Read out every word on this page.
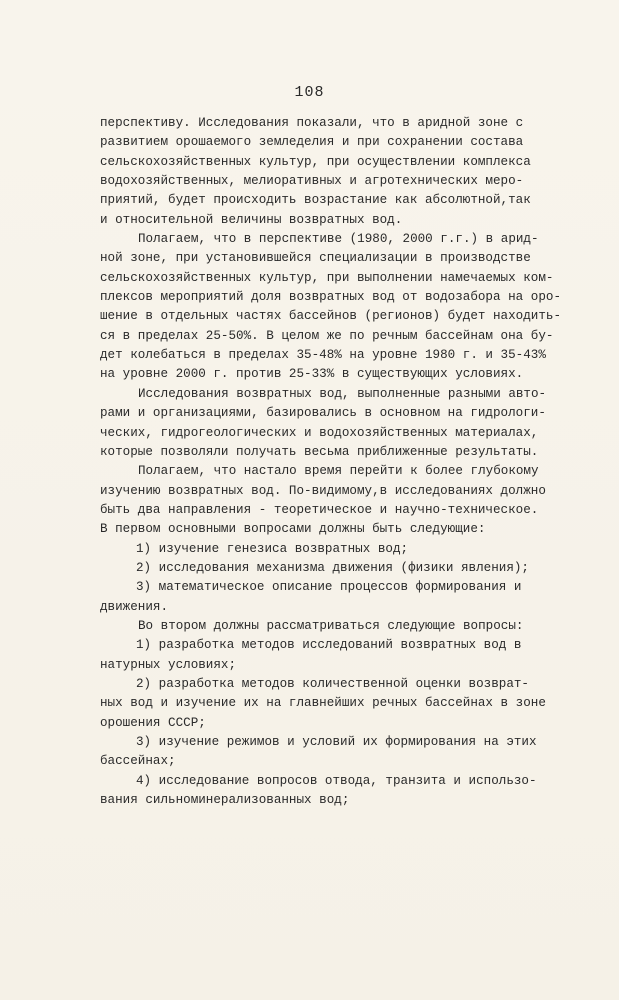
108
перспективу. Исследования показали, что в аридной зоне с
развитием орошаемого земледелия и при сохранении состава
сельскохозяйственных культур, при осуществлении комплекса
водохозяйственных, мелиоративных и агротехнических меро-
приятий, будет происходить возрастание как абсолютной,так
и относительной величины возвратных вод.
Полагаем, что в перспективе (1980, 2000 г.г.) в арид-
ной зоне, при установившейся специализации в производстве
сельскохозяйственных культур, при выполнении намечаемых ком-
плексов мероприятий доля возвратных вод от водозабора на оро-
шение в отдельных частях бассейнов (регионов) будет находить-
ся в пределах 25-50%. В целом же по речным бассейнам она бу-
дет колебаться в пределах 35-48% на уровне 1980 г. и 35-43%
на уровне 2000 г. против 25-33% в существующих условиях.
Исследования возвратных вод, выполненные разными авто-
рами и организациями, базировались в основном на гидрологи-
ческих, гидрогеологических и водохозяйственных материалах,
которые позволяли получать весьма приближенные результаты.
Полагаем, что настало время перейти к более глубокому
изучению возвратных вод. По-видимому,в исследованиях должно
быть два направления - теоретическое и научно-техническое.
В первом основными вопросами должны быть следующие:
1) изучение генезиса возвратных вод;
2) исследования механизма движения (физики явления);
3) математическое описание процессов формирования и
движения.
Во втором должны рассматриваться следующие вопросы:
1) разработка методов исследований возвратных вод в
натурных условиях;
2) разработка методов количественной оценки возврат-
ных вод и изучение их на главнейших речных бассейнах в зоне
орошения СССР;
3) изучение режимов и условий их формирования на этих
бассейнах;
4) исследование вопросов отвода, транзита и использо-
вания сильноминерализованных вод;
